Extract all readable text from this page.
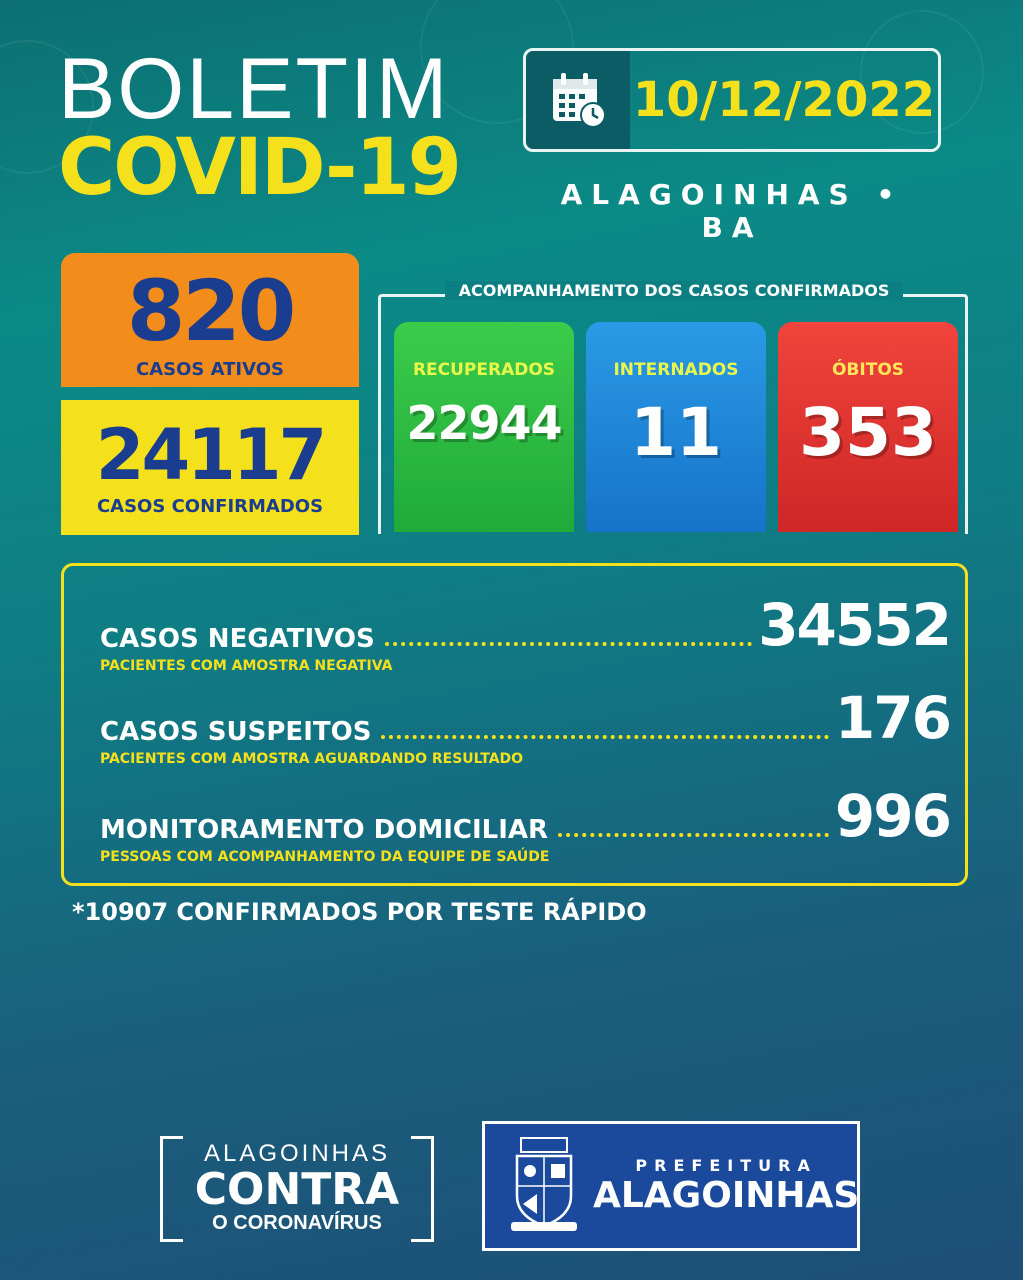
BOLETIM
COVID-19
10/12/2022
ALAGOINHAS • BA
820
CASOS ATIVOS
24117
CASOS CONFIRMADOS
ACOMPANHAMENTO DOS CASOS CONFIRMADOS
RECUPERADOS
22944
INTERNADOS
11
ÓBITOS
353
CASOS NEGATIVOS	34552
PACIENTES COM AMOSTRA NEGATIVA
CASOS SUSPEITOS	176
PACIENTES COM AMOSTRA AGUARDANDO RESULTADO
MONITORAMENTO DOMICILIAR	996
PESSOAS COM ACOMPANHAMENTO DA EQUIPE DE SAÚDE
*10907 CONFIRMADOS POR TESTE RÁPIDO
ALAGOINHAS
CONTRA
O CORONAVÍRUS
PREFEITURA
ALAGOINHAS
